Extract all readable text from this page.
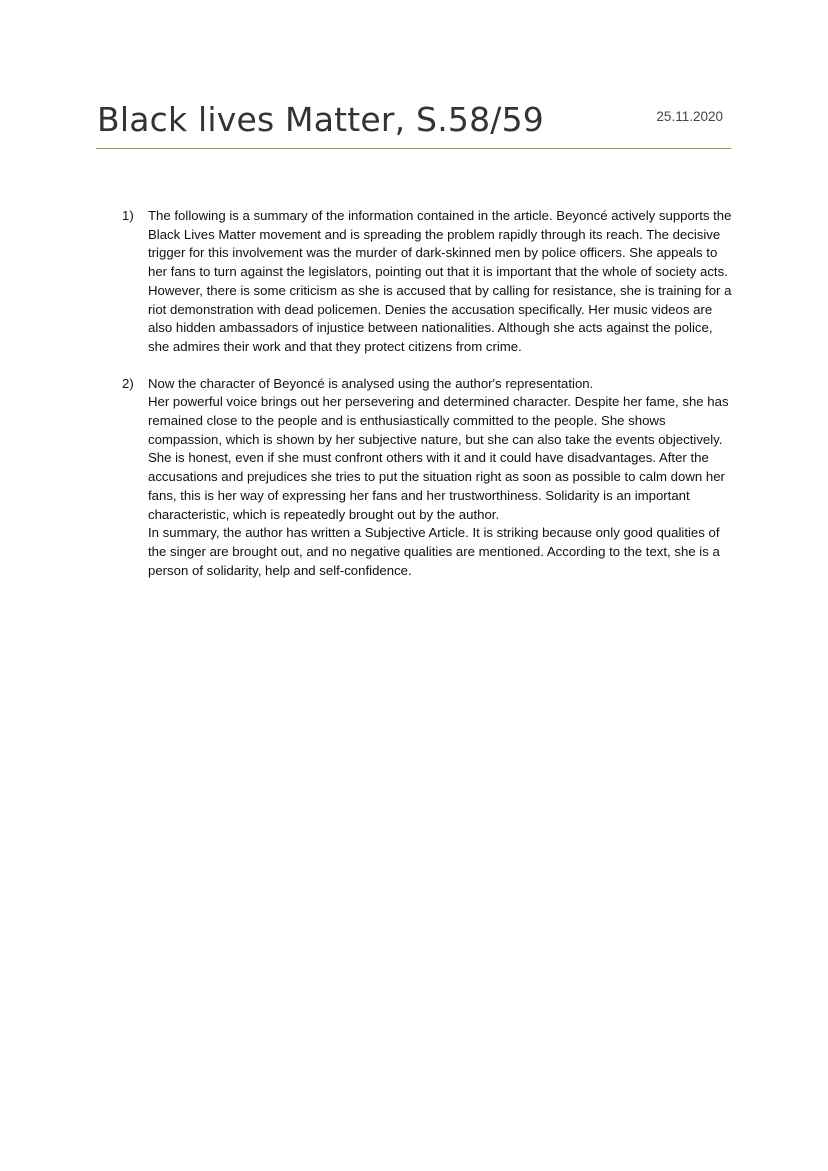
Black lives Matter, S.58/59	25.11.2020
1) The following is a summary of the information contained in the article. Beyoncé actively supports the Black Lives Matter movement and is spreading the problem rapidly through its reach. The decisive trigger for this involvement was the murder of dark-skinned men by police officers. She appeals to her fans to turn against the legislators, pointing out that it is important that the whole of society acts. However, there is some criticism as she is accused that by calling for resistance, she is training for a riot demonstration with dead policemen. Denies the accusation specifically. Her music videos are also hidden ambassadors of injustice between nationalities. Although she acts against the police, she admires their work and that they protect citizens from crime.

2) Now the character of Beyoncé is analysed using the author's representation.

Her powerful voice brings out her persevering and determined character. Despite her fame, she has remained close to the people and is enthusiastically committed to the people. She shows compassion, which is shown by her subjective nature, but she can also take the events objectively. She is honest, even if she must confront others with it and it could have disadvantages. After the accusations and prejudices she tries to put the situation right as soon as possible to calm down her fans, this is her way of expressing her fans and her trustworthiness. Solidarity is an important characteristic, which is repeatedly brought out by the author.

In summary, the author has written a Subjective Article. It is striking because only good qualities of the singer are brought out, and no negative qualities are mentioned. According to the text, she is a person of solidarity, help and self-confidence.
